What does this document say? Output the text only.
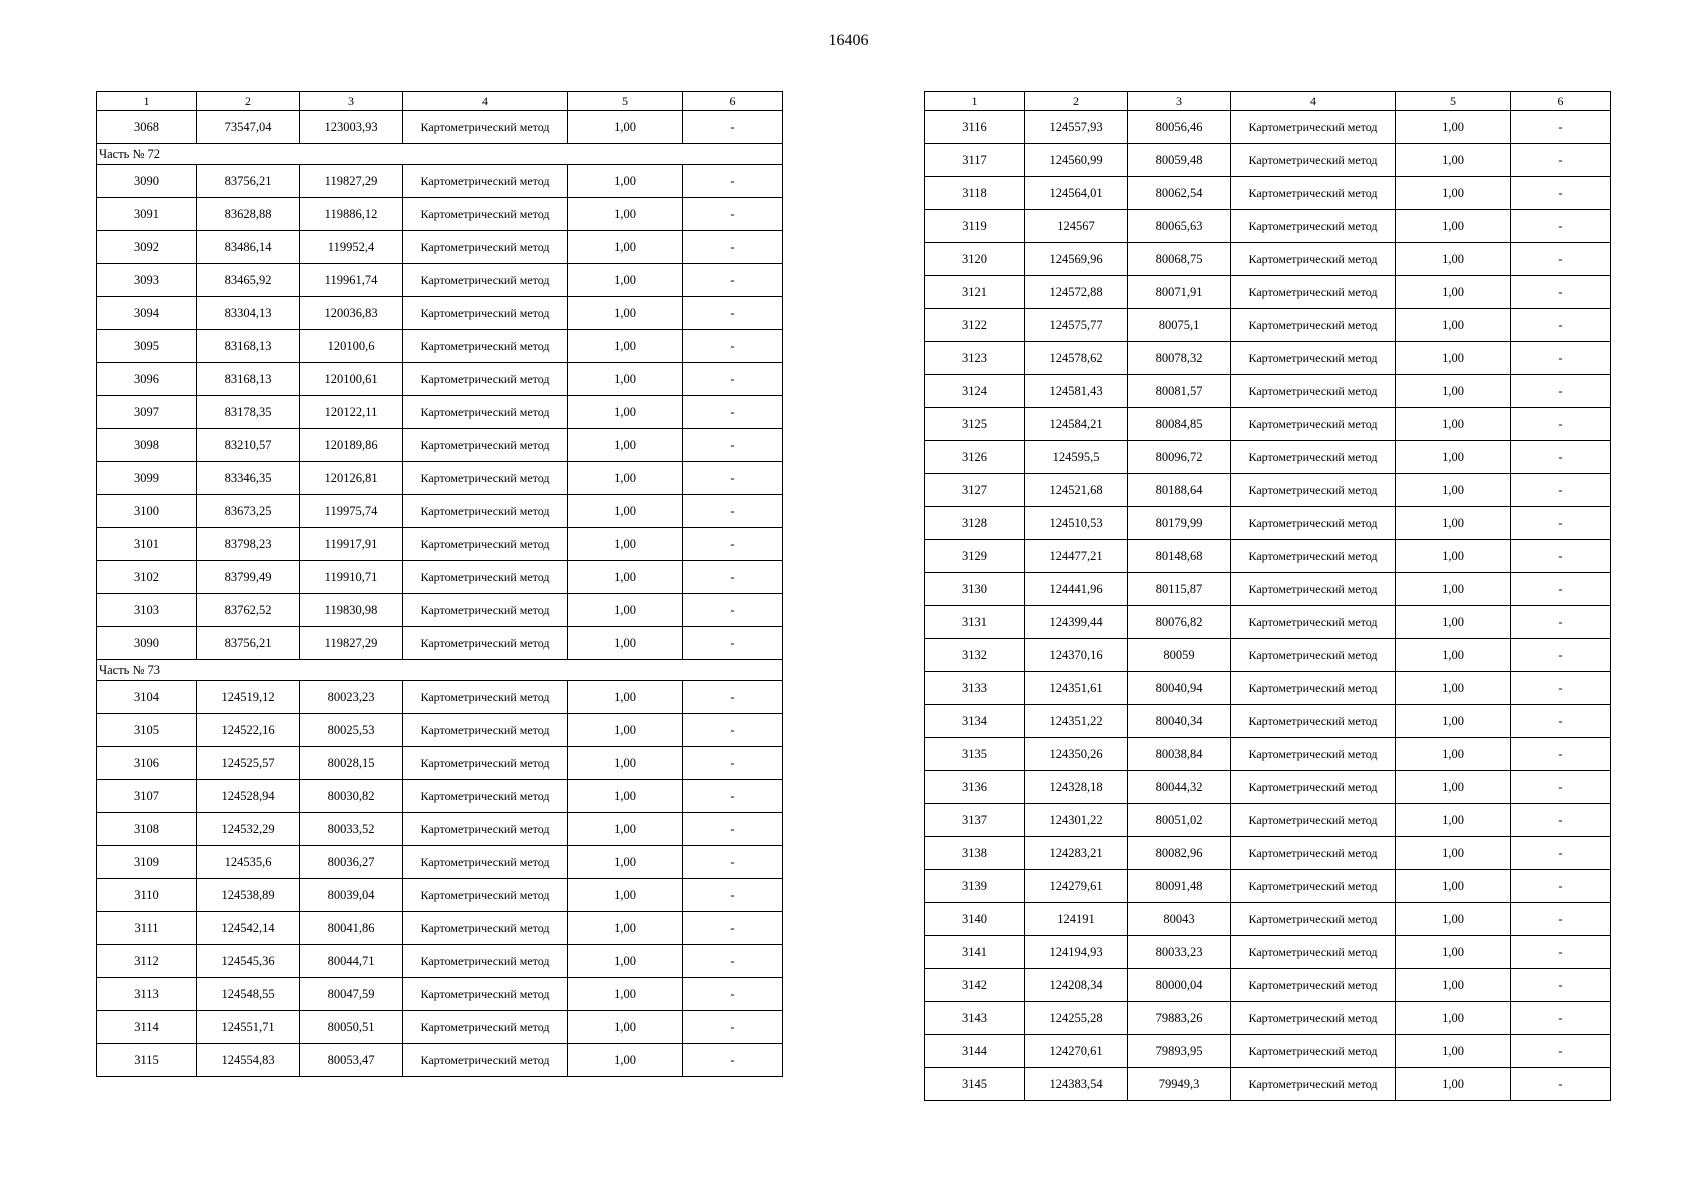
16406
1	2	3	4	5	6
3068	73547,04	123003,93	Картометрический метод	1,00	-
Часть № 72					
3090	83756,21	119827,29	Картометрический метод	1,00	-
3091	83628,88	119886,12	Картометрический метод	1,00	-
3092	83486,14	119952,4	Картометрический метод	1,00	-
3093	83465,92	119961,74	Картометрический метод	1,00	-
3094	83304,13	120036,83	Картометрический метод	1,00	-
3095	83168,13	120100,6	Картометрический метод	1,00	-
3096	83168,13	120100,61	Картометрический метод	1,00	-
3097	83178,35	120122,11	Картометрический метод	1,00	-
3098	83210,57	120189,86	Картометрический метод	1,00	-
3099	83346,35	120126,81	Картометрический метод	1,00	-
3100	83673,25	119975,74	Картометрический метод	1,00	-
3101	83798,23	119917,91	Картометрический метод	1,00	-
3102	83799,49	119910,71	Картометрический метод	1,00	-
3103	83762,52	119830,98	Картометрический метод	1,00	-
3090	83756,21	119827,29	Картометрический метод	1,00	-
Часть № 73					
3104	124519,12	80023,23	Картометрический метод	1,00	-
3105	124522,16	80025,53	Картометрический метод	1,00	-
3106	124525,57	80028,15	Картометрический метод	1,00	-
3107	124528,94	80030,82	Картометрический метод	1,00	-
3108	124532,29	80033,52	Картометрический метод	1,00	-
3109	124535,6	80036,27	Картометрический метод	1,00	-
3110	124538,89	80039,04	Картометрический метод	1,00	-
3111	124542,14	80041,86	Картометрический метод	1,00	-
3112	124545,36	80044,71	Картометрический метод	1,00	-
3113	124548,55	80047,59	Картометрический метод	1,00	-
3114	124551,71	80050,51	Картометрический метод	1,00	-
3115	124554,83	80053,47	Картометрический метод	1,00	-
1	2	3	4	5	6
3116	124557,93	80056,46	Картометрический метод	1,00	-
3117	124560,99	80059,48	Картометрический метод	1,00	-
3118	124564,01	80062,54	Картометрический метод	1,00	-
3119	124567	80065,63	Картометрический метод	1,00	-
3120	124569,96	80068,75	Картометрический метод	1,00	-
3121	124572,88	80071,91	Картометрический метод	1,00	-
3122	124575,77	80075,1	Картометрический метод	1,00	-
3123	124578,62	80078,32	Картометрический метод	1,00	-
3124	124581,43	80081,57	Картометрический метод	1,00	-
3125	124584,21	80084,85	Картометрический метод	1,00	-
3126	124595,5	80096,72	Картометрический метод	1,00	-
3127	124521,68	80188,64	Картометрический метод	1,00	-
3128	124510,53	80179,99	Картометрический метод	1,00	-
3129	124477,21	80148,68	Картометрический метод	1,00	-
3130	124441,96	80115,87	Картометрический метод	1,00	-
3131	124399,44	80076,82	Картометрический метод	1,00	-
3132	124370,16	80059	Картометрический метод	1,00	-
3133	124351,61	80040,94	Картометрический метод	1,00	-
3134	124351,22	80040,34	Картометрический метод	1,00	-
3135	124350,26	80038,84	Картометрический метод	1,00	-
3136	124328,18	80044,32	Картометрический метод	1,00	-
3137	124301,22	80051,02	Картометрический метод	1,00	-
3138	124283,21	80082,96	Картометрический метод	1,00	-
3139	124279,61	80091,48	Картометрический метод	1,00	-
3140	124191	80043	Картометрический метод	1,00	-
3141	124194,93	80033,23	Картометрический метод	1,00	-
3142	124208,34	80000,04	Картометрический метод	1,00	-
3143	124255,28	79883,26	Картометрический метод	1,00	-
3144	124270,61	79893,95	Картометрический метод	1,00	-
3145	124383,54	79949,3	Картометрический метод	1,00	-
